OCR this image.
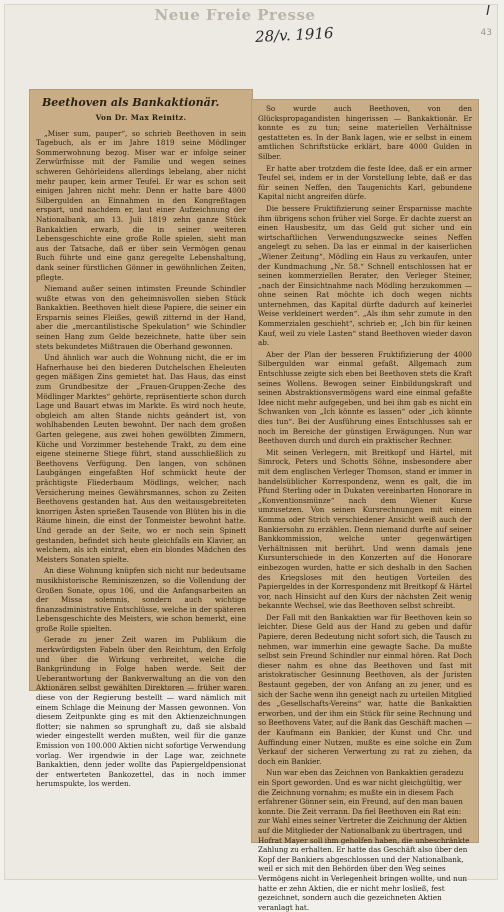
Neue Freie Presse	I
43
28/v. 1916
Beethoven als Bankaktionär.
Von Dr. Max Reinitz.

„Miser sum, pauper“, so schrieb Beethoven in sein Tagebuch, als er im Jahre 1819 seine Mödlinger Sommerwohnung bezog. Miser war er infolge seiner Zerwürfnisse mit der Familie und wegen seines schweren Gehörleidens allerdings lebelang, aber nicht mehr pauper, kein armer Teufel. Er war es schon seit einigen Jahren nicht mehr. Denn er hatte bare 4000 Silbergulden an Einnahmen in den Kongreßtagen erspart, und nachdem er, laut einer Aufzeichnung der Nationalbank, am 13. Juli 1819 zehn ganze Stück Bankaktien erwarb, die in seiner weiteren Lebensgeschichte eine große Rolle spielen, sieht man aus der Tatsache, daß er über sein Vermögen genau Buch führte und eine ganz geregelte Lebenshaltung, dank seiner fürstlichen Gönner in gewöhnlichen Zeiten, pflegte.

Niemand außer seinen intimsten Freunde Schindler wußte etwas von den geheimnisvollen sieben Stück Bankaktien. Beethoven hielt diese Papiere, die seiner ein Ersparnis seines Fleißes, gewiß zitternd in der Hand, aber die „mercantilistische Spekulation“ wie Schindler seinen Hang zum Gelde bezeichnete, hatte über sein stets bekundetes Mißtrauen die Oberhand gewonnen.

Und ähnlich war auch die Wohnung nicht, die er im Hafnerhause bei den biederen Dutchelschen Eheleuten gegen mäßigen Zins gemietet hat. Das Haus, das einst zum Grundbesitze der „Frauen-Gruppen-Zeche des Mödlinger Marktes“ gehörte, repräsentierte schon durch Lage und Bauart etwas im Markte. Es wird noch heute, obgleich am alten Stande nichts geändert ist, von wohlhabenden Leuten bewohnt. Der nach dem großen Garten gelegene, aus zwei hohen gewölbten Zimmern, Küche und Vorzimmer bestehende Trakt, zu dem eine eigene steinerne Stiege führt, stand ausschließlich zu Beethovens Verfügung. Den langen, von schönen Laubgängen eingefaßten Hof schmückt heute der prächtigste Fliederbaum Mödlings, welcher, nach Versicherung meines Gewährsmannes, schon zu Zeiten Beethovens gestanden hat. Aus den weitausgebreiteten knorrigen Ästen sprießen Tausende von Blüten bis in die Räume hinein, die einst der Tonmeister bewohnt hatte. Und gerade an der Seite, wo er noch sein Spinett gestanden, befindet sich heute gleichfalls ein Klavier, an welchem, als ich eintrat, eben ein blondes Mädchen des Meisters Sonaten spielte.

An diese Wohnung knüpfen sich nicht nur bedeutsame musikhistorische Reminiszenzen, so die Vollendung der Großen Sonate, opus 106, und die Anfangsarbeiten an der Missa solemnis, sondern auch wichtige finanzadministrative Entschlüsse, welche in der späteren Lebensgeschichte des Meisters, wie schon bemerkt, eine große Rolle spielten.

Gerade zu jener Zeit waren im Publikum die merkwürdigsten Fabeln über den Reichtum, den Erfolg und über die Wirkung verbreitet, welche die Bankgründung in Folge haben werde. Seit der Ueberantwortung der Bankverwaltung an die von den Aktionären selbst gewählten Direktoren — früher waren diese von der Regierung bestellt — ward nämlich mit einem Schlage die Meinung der Massen gewonnen. Von diesem Zeitpunkte ging es mit den Aktienzeichnungen flotter; sie nahmen so sprunghaft zu, daß sie alsbald wieder eingestellt werden mußten, weil für die ganze Emission von 100.000 Aktien nicht sofortige Verwendung vorlag. Wer irgendwie in der Lage war, zeichnete Bankaktien, denn jeder wollte das Papiergeldpensionat der entwerteten Bankozettel, das in noch immer herumspukte, los werden.

So wurde auch Beethoven, von den Glückspropagandisten hingerissen — Bankaktionär. Er konnte es zu tun; seine materiellen Verhältnisse gestatteten es. In der Bank lagen, wie er selbst in einem amtlichen Schriftstücke erklärt, bare 4000 Gulden in Silber.

Er hatte aber trotzdem die feste Idee, daß er ein armer Teufel sei, indem er in der Vorstellung lebte, daß er das für seinen Neffen, den Taugenichts Karl, gebundene Kapital nicht angreifen dürfe.

Die bessere Fruktifizierung seiner Ersparnisse machte ihm übrigens schon früher viel Sorge. Er dachte zuerst an einen Hausbesitz, um das Geld gut sicher und ein wirtschaftlichen Verwendungszwecke seines Neffen angelegt zu sehen. Da las er einmal in der kaiserlichen „Wiener Zeitung“, Mödling ein Haus zu verkaufen, unter der Kundmachung „Nr. 58.“ Schnell entschlossen hat er seinen kommerziellen Berater, den Verleger Steiner, „nach der Einsichtnahme nach Mödling herzukommen — ohne seinen Rat möchte ich doch wegen nichts unternehmen, das Kapital dürfte dadurch auf keinerlei Weise verkleinert werden“. „Als ihm sehr zumute in den Kommerzialen geschieht“, schrieb er, „Ich bin für keinen Kauf, weil zu viele Lasten“ stand Beethoven wieder davon ab.

Aber der Plan der besseren Fruktifizierung der 4000 Silbergulden war einmal gefaßt. Allgemach zum Entschlusse zeigte sich eben bei Beethoven stets die Kraft seines Wollens. Bewogen seiner Einbildungskraft und seinen Abstraktionsvermögens ward eine einmal gefaßte Idee nicht mehr aufgegeben, und bei ihm gab es nicht ein Schwanken von „Ich könnte es lassen“ oder „ich könnte dies tun“. Bei der Ausführung eines Entschlusses sah er noch im Bereiche der günstigen Erwägungen. Nun war Beethoven durch und durch ein praktischer Rechner.

Mit seinen Verlegern, mit Breitkopf und Härtel, mit Simrock, Peters und Schotts Söhne, insbesondere aber mit dem englischen Verleger Thomson, stand er immer in handelsüblicher Korrespondenz, wenn es galt, die im Pfund Sterling oder in Dukaten vereinbarten Honorare in „Konventionsmünze“ nach dem Wiener Kurse umzusetzen. Von seinen Kursrechnungen mit einem Komma oder Strich verschiedener Ansicht weiß auch der Bankiersohn zu erzählen. Denn niemand durfte auf seiner Bankkommission, welche unter gegenwärtigen Verhältnissen mit berührt. Und wenn damals jene Kursunterschiede in den Konzerten auf die Honorare einbezogen wurden, hatte er sich deshalb in den Sachen des Kriegsloses mit den heutigen Vorteilen des Papiergeldes in der Korrespondenz mit Breitkopf & Härtel vor, nach Hinsicht auf den Kurs der nächsten Zeit wenig bekannte Wechsel, wie das Beethoven selbst schreibt.

Der Fall mit den Bankaktien war für Beethoven kein so leichter. Diese Geld aus der Hand zu geben und dafür Papiere, deren Bedeutung nicht sofort sich, die Tausch zu nehmen, war immerhin eine gewagte Sache. Da mußte selbst sein Freund Schindler nur einmal hören. Rat Doch dieser nahm es ohne das Beethoven und fast mit aristokratischer Gesinnung Beethoven, als der Juristen Bestaunt gegeben, der von Anfang an zu jener, und es sich der Sache wenn ihn geneigt nach zu urteilen Mitglied des „Gesellschafts-Vereins“ war, hatte die Bankaktien erworben, und der ihm ein Stück für seine Rechnung und so Beethovens Vater, auf die Bank das Geschäft machen — der Kaufmann ein Bankier, der Kunst und Chr. und Auffindung einer Nutzen, mußte es eine solche ein Zum Verkauf der sicheren Verwertung zu rat zu ziehen, da doch ein Bankier.

Nun war eben das Zeichnen von Bankaktien geradezu ein Sport geworden. Und es war nicht gleichgültig, wer die Zeichnung vornahm; es mußte ein in diesem Fach erfahrener Gönner sein, ein Freund, auf den man bauen konnte. Die Zeit verrann. Da fiel Beethoven ein Rat ein: zur Wahl eines seiner Vertreter die Zeichnung der Aktien auf die Mitglieder der Nationalbank zu übertragen, und Hofrat Mayer soll ihm geholfen haben, die unbeschränkte Zahlung zu erhalten. Er hatte das Geschäft also über den Kopf der Bankiers abgeschlossen und der Nationalbank, weil er sich mit den Behörden über den Weg seines Vermögens nicht in Verlegenheit bringen wollte, und nun hatte er zehn Aktien, die er nicht mehr losließ, fest gezeichnet, sondern auch die gezeichneten Aktien veranlagt hat.
